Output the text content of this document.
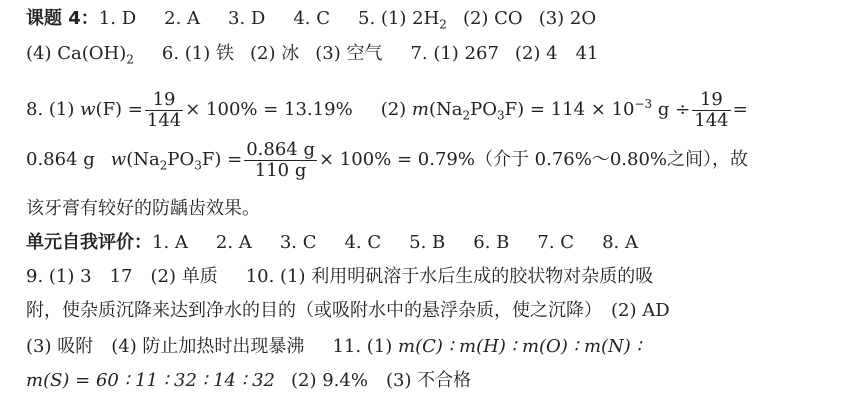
课题 4：1. D 2. A 3. D 4. C 5. (1) $2H_2$ (2) CO (3) 2O
(4) $Ca(OH)_2$ 6. (1) 铁 (2) 冰 (3) 空气 7. (1) 267 (2) 4　41
8. (1) $w(F) = \frac{19}{144} \times 100\% = 13.19\%$ (2) $m(Na_2PO_3F) = 114 \times 10^{-3}$ $g \div \frac{19}{144}$ =
0.864 g $w(Na_2PO_3F) = \frac{0.864 g}{110 g} \times 100\% = 0.79\%$（介于 0.76%～0.80%之间），故
该牙膏有较好的防龋齿效果。
单元自我评价：1. A 2. A 3. C 4. C 5. B 6. B 7. C 8. A
9. (1) 3　17　(2) 单质 10. (1) 利用明矾溶于水后生成的胶状物对杂质的吸
附，使杂质沉降来达到净水的目的（或吸附水中的悬浮杂质，使之沉降）　(2) AD
(3) 吸附　(4) 防止加热时出现暴沸 11. (1) m(C) ∶ m(H) ∶ m(O) ∶ m(N) ∶
m(S) = 60 ∶ 11 ∶ 32 ∶ 14 ∶ 32 (2) 9.4%　(3) 不合格
